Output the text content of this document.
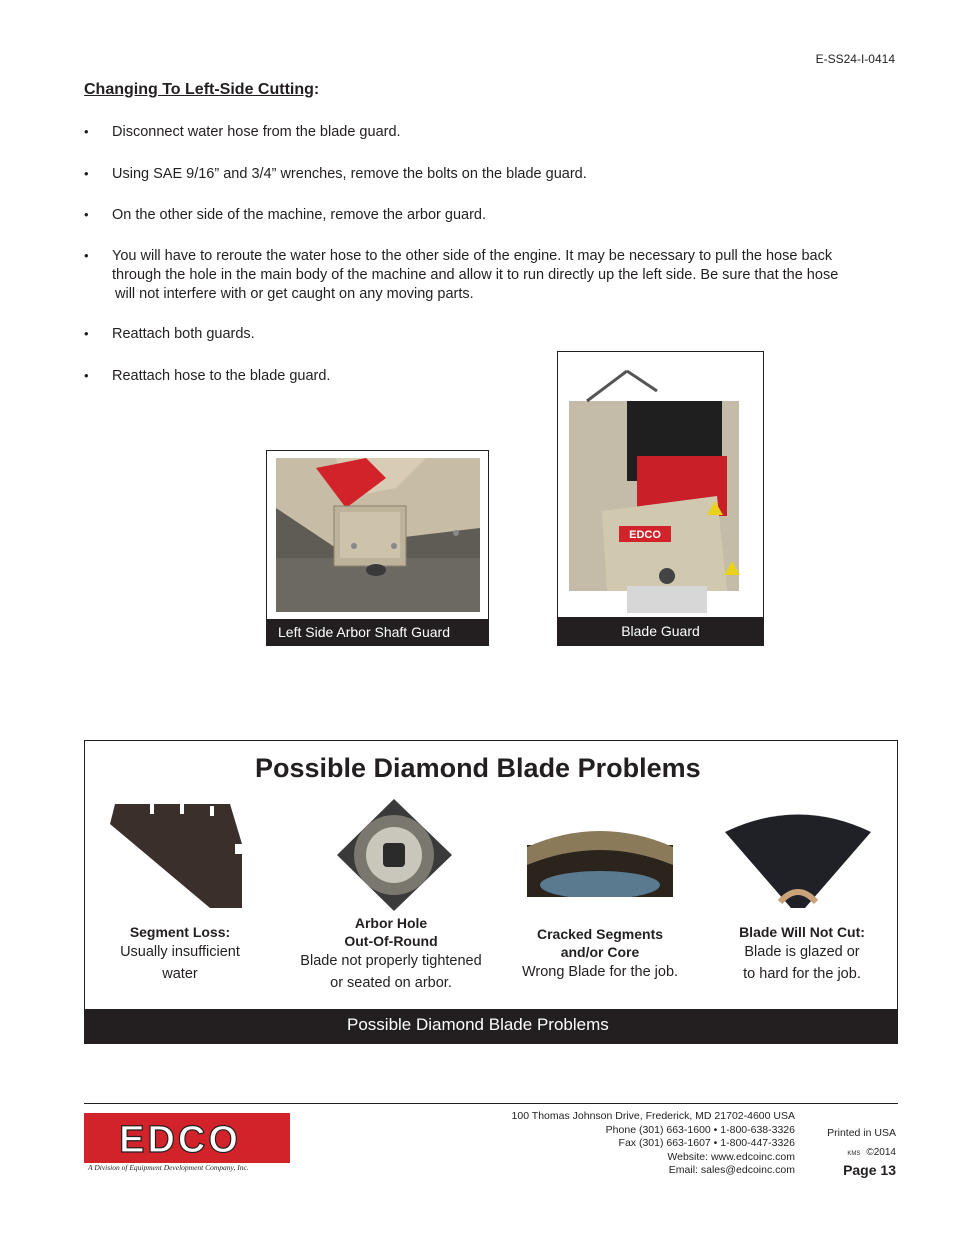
E-SS24-I-0414
Changing To Left-Side Cutting:
• Disconnect water hose from the blade guard.
• Using SAE 9/16” and 3/4” wrenches, remove the bolts on the blade guard.
• On the other side of the machine, remove the arbor guard.
• You will have to reroute the water hose to the other side of the engine. It may be necessary to pull the hose back
through the hole in the main body of the machine and allow it to run directly up the left side. Be sure that the hose
will not interfere with or get caught on any moving parts.
• Reattach both guards.
• Reattach hose to the blade guard.
Left Side Arbor Shaft Guard
EDCO
Blade Guard
Possible Diamond Blade Problems
Segment Loss:
Usually insufficient
water
Arbor Hole
Out-Of-Round
Blade not properly tightened
or seated on arbor.
Cracked Segments
and/or Core
Wrong Blade for the job.
Blade Will Not Cut:
Blade is glazed or
to hard for the job.
Possible Diamond Blade Problems
EDCO
A Division of Equipment Development Company, Inc.
100 Thomas Johnson Drive, Frederick, MD 21702-4600 USA
Phone (301) 663-1600 • 1-800-638-3326
Fax (301) 663-1607 • 1-800-447-3326
Website: www.edcoinc.com
Email: sales@edcoinc.com
Printed in USA
KMS ©2014
Page 13
